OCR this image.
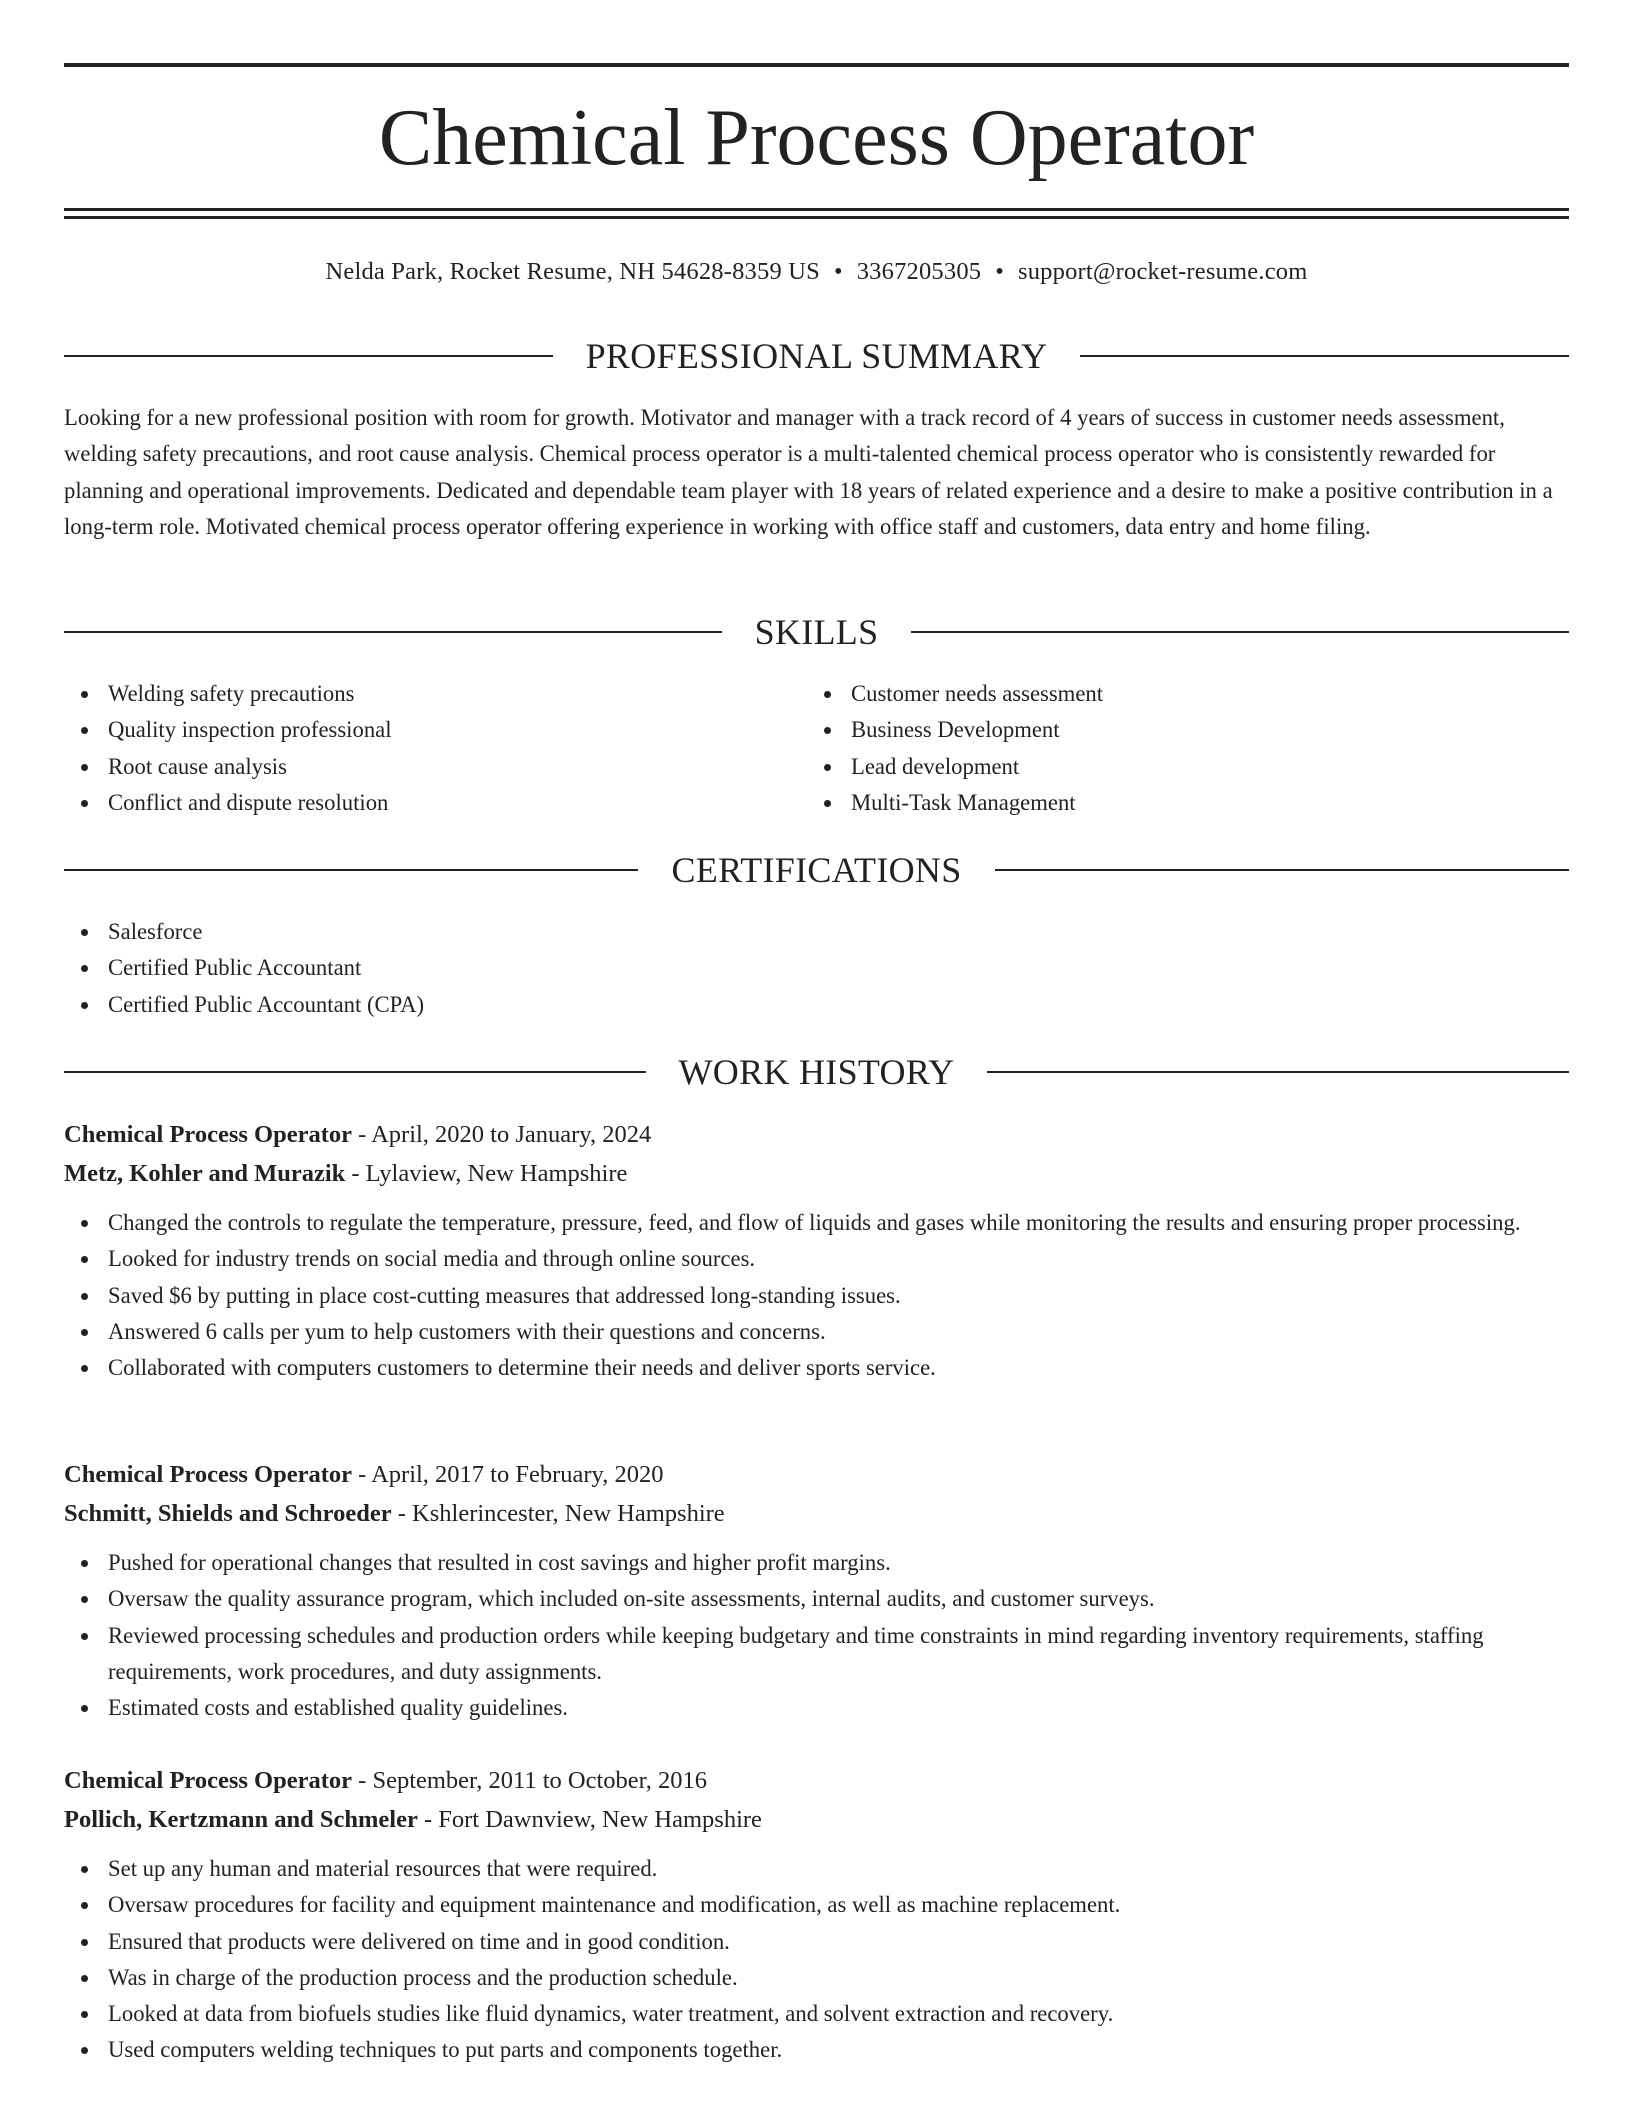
Chemical Process Operator
Nelda Park, Rocket Resume, NH 54628-8359 US • 3367205305 • support@rocket-resume.com
PROFESSIONAL SUMMARY

Looking for a new professional position with room for growth. Motivator and manager with a track record of 4 years of success in customer needs assessment, welding safety precautions, and root cause analysis. Chemical process operator is a multi-talented chemical process operator who is consistently rewarded for planning and operational improvements. Dedicated and dependable team player with 18 years of related experience and a desire to make a positive contribution in a long-term role. Motivated chemical process operator offering experience in working with office staff and customers, data entry and home filing.

SKILLS
Welding safety precautions
Quality inspection professional
Root cause analysis
Conflict and dispute resolution
Customer needs assessment
Business Development
Lead development
Multi-Task Management
CERTIFICATIONS
Salesforce
Certified Public Accountant
Certified Public Accountant (CPA)
WORK HISTORY
Chemical Process Operator - April, 2020 to January, 2024
Metz, Kohler and Murazik - Lylaview, New Hampshire
Changed the controls to regulate the temperature, pressure, feed, and flow of liquids and gases while monitoring the results and ensuring proper processing.
Looked for industry trends on social media and through online sources.
Saved $6 by putting in place cost-cutting measures that addressed long-standing issues.
Answered 6 calls per yum to help customers with their questions and concerns.
Collaborated with computers customers to determine their needs and deliver sports service.
Chemical Process Operator - April, 2017 to February, 2020
Schmitt, Shields and Schroeder - Kshlerincester, New Hampshire
Pushed for operational changes that resulted in cost savings and higher profit margins.
Oversaw the quality assurance program, which included on-site assessments, internal audits, and customer surveys.
Reviewed processing schedules and production orders while keeping budgetary and time constraints in mind regarding inventory requirements, staffing requirements, work procedures, and duty assignments.
Estimated costs and established quality guidelines.
Chemical Process Operator - September, 2011 to October, 2016
Pollich, Kertzmann and Schmeler - Fort Dawnview, New Hampshire
Set up any human and material resources that were required.
Oversaw procedures for facility and equipment maintenance and modification, as well as machine replacement.
Ensured that products were delivered on time and in good condition.
Was in charge of the production process and the production schedule.
Looked at data from biofuels studies like fluid dynamics, water treatment, and solvent extraction and recovery.
Used computers welding techniques to put parts and components together.
